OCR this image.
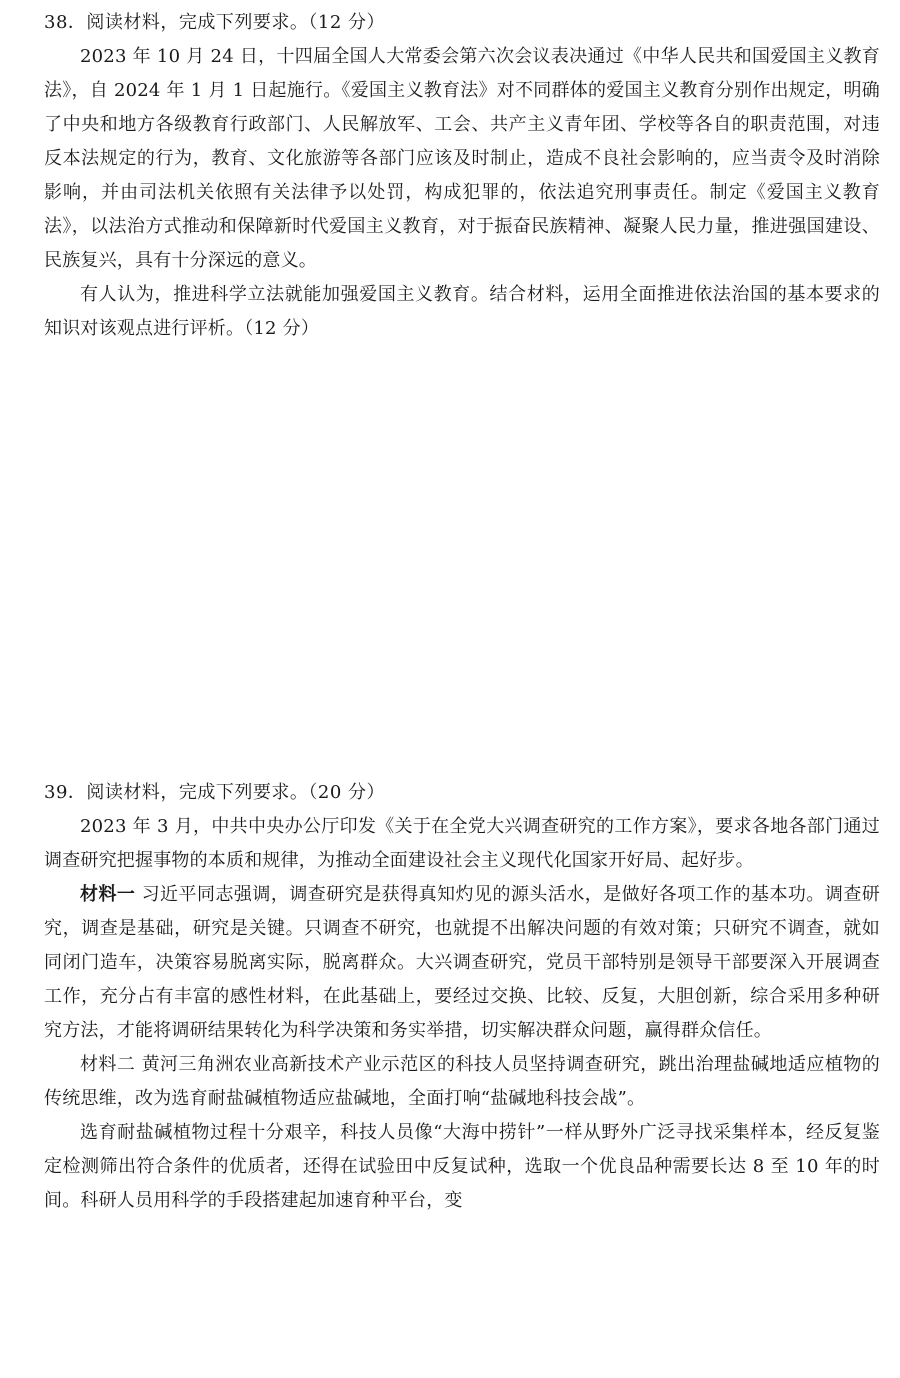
38．阅读材料，完成下列要求。（12 分）

2023 年 10 月 24 日，十四届全国人大常委会第六次会议表决通过《中华人民共和国爱国主义教育法》，自 2024 年 1 月 1 日起施行。《爱国主义教育法》对不同群体的爱国主义教育分别作出规定，明确了中央和地方各级教育行政部门、人民解放军、工会、共产主义青年团、学校等各自的职责范围，对违反本法规定的行为，教育、文化旅游等各部门应该及时制止，造成不良社会影响的，应当责令及时消除影响，并由司法机关依照有关法律予以处罚，构成犯罪的，依法追究刑事责任。制定《爱国主义教育法》，以法治方式推动和保障新时代爱国主义教育，对于振奋民族精神、凝聚人民力量，推进强国建设、民族复兴，具有十分深远的意义。

有人认为，推进科学立法就能加强爱国主义教育。结合材料，运用全面推进依法治国的基本要求的知识对该观点进行评析。（12 分）

39．阅读材料，完成下列要求。（20 分）

2023 年 3 月，中共中央办公厅印发《关于在全党大兴调查研究的工作方案》，要求各地各部门通过调查研究把握事物的本质和规律，为推动全面建设社会主义现代化国家开好局、起好步。

材料一 习近平同志强调，调查研究是获得真知灼见的源头活水，是做好各项工作的基本功。调查研究，调查是基础，研究是关键。只调查不研究，也就提不出解决问题的有效对策；只研究不调查，就如同闭门造车，决策容易脱离实际，脱离群众。大兴调查研究，党员干部特别是领导干部要深入开展调查工作，充分占有丰富的感性材料，在此基础上，要经过交换、比较、反复，大胆创新，综合采用多种研究方法，才能将调研结果转化为科学决策和务实举措，切实解决群众问题，赢得群众信任。

材料二 黄河三角洲农业高新技术产业示范区的科技人员坚持调查研究，跳出治理盐碱地适应植物的传统思维，改为选育耐盐碱植物适应盐碱地，全面打响“盐碱地科技会战”。

选育耐盐碱植物过程十分艰辛，科技人员像“大海中捞针”一样从野外广泛寻找采集样本，经反复鉴定检测筛出符合条件的优质者，还得在试验田中反复试种，选取一个优良品种需要长达 8 至 10 年的时间。科研人员用科学的手段搭建起加速育种平台，变
